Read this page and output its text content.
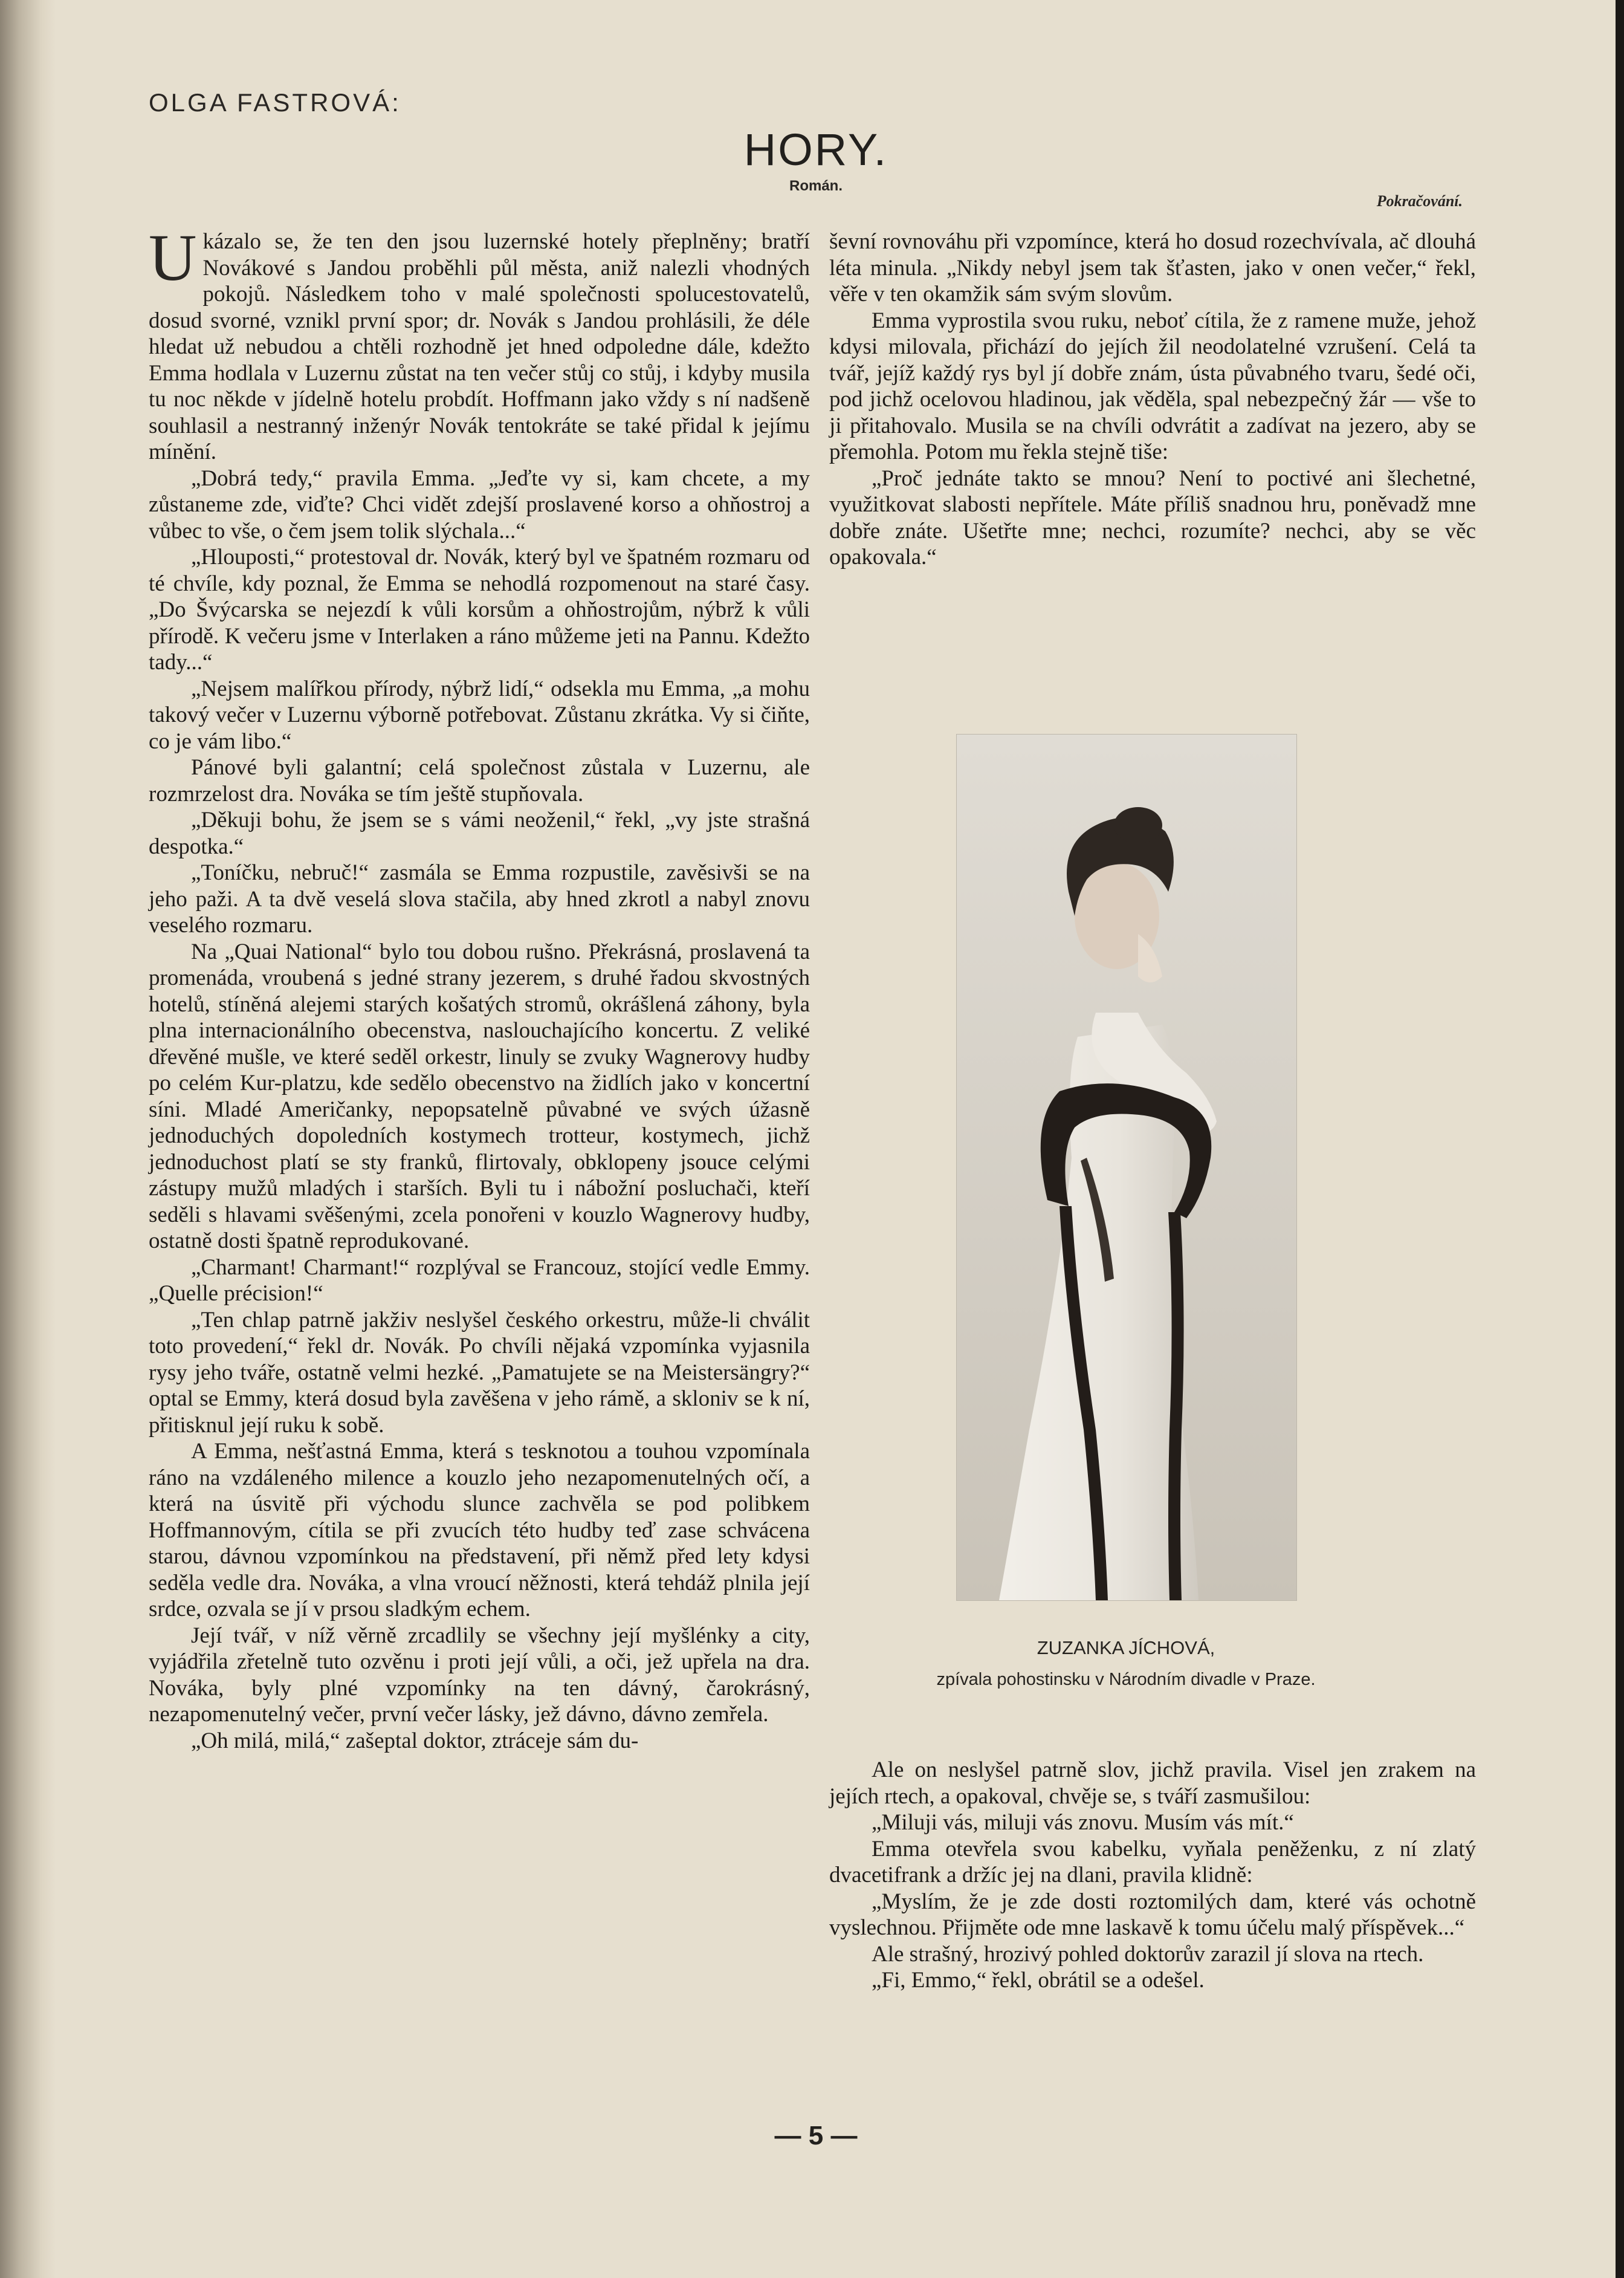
OLGA FASTROVÁ:
HORY.
Román.
Pokračování.

Ukázalo se, že ten den jsou luzernské hotely přeplněny; bratří Novákové s Jandou proběhli půl města, aniž nalezli vhodných pokojů. Následkem toho v malé společnosti spolucestovatelů, dosud svorné, vznikl první spor; dr. Novák s Jandou prohlásili, že déle hledat už nebudou a chtěli rozhodně jet hned odpoledne dále, kdežto Emma hodlala v Luzernu zůstat na ten večer stůj co stůj, i kdyby musila tu noc někde v jídelně hotelu probdít. Hoffmann jako vždy s ní nadšeně souhlasil a nestranný inženýr Novák tentokráte se také přidal k jejímu mínění.

„Dobrá tedy,“ pravila Emma. „Jeďte vy si, kam chcete, a my zůstaneme zde, viďte? Chci vidět zdejší proslavené korso a ohňostroj a vůbec to vše, o čem jsem tolik slýchala...“

„Hlouposti,“ protestoval dr. Novák, který byl ve špatném rozmaru od té chvíle, kdy poznal, že Emma se nehodlá rozpomenout na staré časy. „Do Švýcarska se nejezdí k vůli korsům a ohňostrojům, nýbrž k vůli přírodě. K večeru jsme v Interlaken a ráno můžeme jeti na Pannu. Kdežto tady...“

„Nejsem malířkou přírody, nýbrž lidí,“ odsekla mu Emma, „a mohu takový večer v Luzernu výborně potřebovat. Zůstanu zkrátka. Vy si čiňte, co je vám libo.“

Pánové byli galantní; celá společnost zůstala v Luzernu, ale rozmrzelost dra. Nováka se tím ještě stupňovala.

„Děkuji bohu, že jsem se s vámi neoženil,“ řekl, „vy jste strašná despotka.“

„Toníčku, nebruč!“ zasmála se Emma rozpustile, zavěsivši se na jeho paži. A ta dvě veselá slova stačila, aby hned zkrotl a nabyl znovu veselého rozmaru.

Na „Quai National“ bylo tou dobou rušno. Překrásná, proslavená ta promenáda, vroubená s jedné strany jezerem, s druhé řadou skvostných hotelů, stíněná alejemi starých košatých stromů, okrášlená záhony, byla plna internacionálního obecenstva, naslouchajícího koncertu. Z veliké dřevěné mušle, ve které seděl orkestr, linuly se zvuky Wagnerovy hudby po celém Kur-platzu, kde sedělo obecenstvo na židlích jako v koncertní síni. Mladé Američanky, nepopsatelně půvabné ve svých úžasně jednoduchých dopoledních kostymech trotteur, kostymech, jichž jednoduchost platí se sty franků, flirtovaly, obklopeny jsouce celými zástupy mužů mladých i starších. Byli tu i nábožní posluchači, kteří seděli s hlavami svěšenými, zcela ponořeni v kouzlo Wagnerovy hudby, ostatně dosti špatně reprodukované.

„Charmant! Charmant!“ rozplýval se Francouz, stojící vedle Emmy. „Quelle précision!“

„Ten chlap patrně jakživ neslyšel českého orkestru, může-li chválit toto provedení,“ řekl dr. Novák. Po chvíli nějaká vzpomínka vyjasnila rysy jeho tváře, ostatně velmi hezké. „Pamatujete se na Meistersängry?“ optal se Emmy, která dosud byla zavěšena v jeho rámě, a skloniv se k ní, přitisknul její ruku k sobě.

A Emma, nešťastná Emma, která s tesknotou a touhou vzpomínala ráno na vzdáleného milence a kouzlo jeho nezapomenutelných očí, a která na úsvitě při východu slunce zachvěla se pod polibkem Hoffmannovým, cítila se při zvucích této hudby teď zase schvácena starou, dávnou vzpomínkou na představení, při němž před lety kdysi seděla vedle dra. Nováka, a vlna vroucí něžnosti, která tehdáž plnila její srdce, ozvala se jí v prsou sladkým echem.

Její tvář, v níž věrně zrcadlily se všechny její myšlénky a city, vyjádřila zřetelně tuto ozvěnu i proti její vůli, a oči, jež upřela na dra. Nováka, byly plné vzpomínky na ten dávný, čarokrásný, nezapomenutelný večer, první večer lásky, jež dávno, dávno zemřela.

„Oh milá, milá,“ zašeptal doktor, ztráceje sám du-

ševní rovnováhu při vzpomínce, která ho dosud rozechvívala, ač dlouhá léta minula. „Nikdy nebyl jsem tak šťasten, jako v onen večer,“ řekl, věře v ten okamžik sám svým slovům.

Emma vyprostila svou ruku, neboť cítila, že z ramene muže, jehož kdysi milovala, přichází do jejích žil neodolatelné vzrušení. Celá ta tvář, jejíž každý rys byl jí dobře znám, ústa půvabného tvaru, šedé oči, pod jichž ocelovou hladinou, jak věděla, spal nebezpečný žár — vše to ji přitahovalo. Musila se na chvíli odvrátit a zadívat na jezero, aby se přemohla. Potom mu řekla stejně tiše:

„Proč jednáte takto se mnou? Není to poctivé ani šlechetné, využitkovat slabosti nepřítele. Máte příliš snadnou hru, poněvadž mne dobře znáte. Ušetřte mne; nechci, rozumíte? nechci, aby se věc opakovala.“

ZUZANKA JÍCHOVÁ,
zpívala pohostinsku v Národním divadle v Praze.

Ale on neslyšel patrně slov, jichž pravila. Visel jen zrakem na jejích rtech, a opakoval, chvěje se, s tváří zasmušilou:

„Miluji vás, miluji vás znovu. Musím vás mít.“

Emma otevřela svou kabelku, vyňala peněženku, z ní zlatý dvacetifrank a držíc jej na dlani, pravila klidně:

„Myslím, že je zde dosti roztomilých dam, které vás ochotně vyslechnou. Přijměte ode mne laskavě k tomu účelu malý příspěvek...“

Ale strašný, hrozivý pohled doktorův zarazil jí slova na rtech.

„Fi, Emmo,“ řekl, obrátil se a odešel.

— 5 —
